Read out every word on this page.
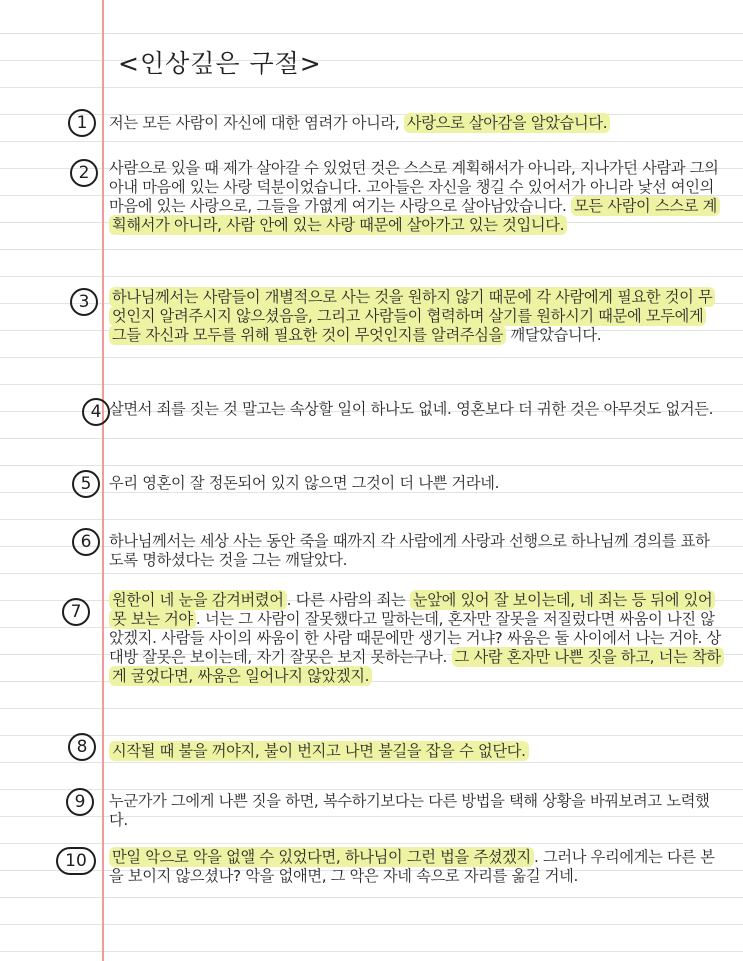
<인상깊은 구절>
1	저는 모든 사람이 자신에 대한 염려가 아니라, 사랑으로 살아감을 알았습니다.
2	사람으로 있을 때 제가 살아갈 수 있었던 것은 스스로 계획해서가 아니라, 지나가던 사람과 그의 아내 마음에 있는 사랑 덕분이었습니다. 고아들은 자신을 챙길 수 있어서가 아니라 낯선 여인의 마음에 있는 사랑으로, 그들을 가엾게 여기는 사랑으로 살아남았습니다. 모든 사람이 스스로 계획해서가 아니라, 사람 안에 있는 사랑 때문에 살아가고 있는 것입니다.
3	하나님께서는 사람들이 개별적으로 사는 것을 원하지 않기 때문에 각 사람에게 필요한 것이 무엇인지 알려주시지 않으셨음을, 그리고 사람들이 협력하며 살기를 원하시기 때문에 모두에게 그들 자신과 모두를 위해 필요한 것이 무엇인지를 알려주심을 깨달았습니다.
4 살면서 죄를 짓는 것 말고는 속상할 일이 하나도 없네. 영혼보다 더 귀한 것은 아무것도 없거든.
5	우리 영혼이 잘 정돈되어 있지 않으면 그것이 더 나쁜 거라네.
6	하나님께서는 세상 사는 동안 죽을 때까지 각 사람에게 사랑과 선행으로 하나님께 경의를 표하도록 명하셨다는 것을 그는 깨달았다.
7
원한이 네 눈을 감겨버렸어 . 다른 사람의 죄는 눈앞에 있어 잘 보이는데, 네 죄는 등 뒤에 있어 못 보는 거야 . 너는 그 사람이 잘못했다고 말하는데, 혼자만 잘못을 저질렀다면 싸움이 나진 않았겠지. 사람들 사이의 싸움이 한 사람 때문에만 생기는 거냐? 싸움은 둘 사이에서 나는 거야. 상대방 잘못은 보이는데, 자기 잘못은 보지 못하는구나. 그 사람 혼자만 나쁜 짓을 하고, 너는 착하게 굴었다면, 싸움은 일어나지 않았겠지.
8	시작될 때 불을 꺼야지, 불이 번지고 나면 불길을 잡을 수 없단다.
9	누군가가 그에게 나쁜 짓을 하면, 복수하기보다는 다른 방법을 택해 상황을 바꿔보려고 노력했다.
10	만일 악으로 악을 없앨 수 있었다면, 하나님이 그런 법을 주셨겠지 . 그러나 우리에게는 다른 본을 보이지 않으셨나? 악을 없애면, 그 악은 자네 속으로 자리를 옮길 거네.
